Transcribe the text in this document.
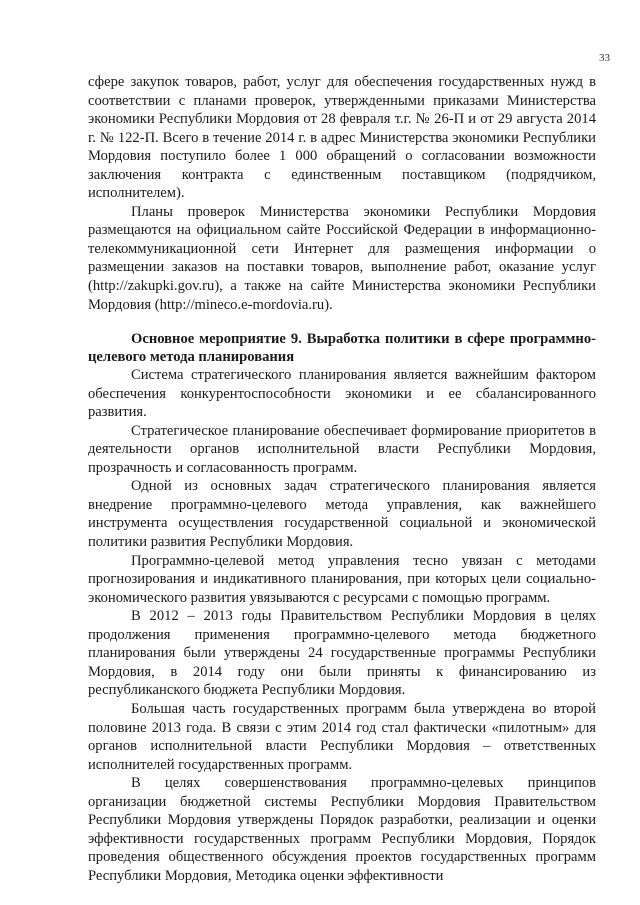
33

сфере закупок товаров, работ, услуг для обеспечения государственных нужд в соответствии с планами проверок, утвержденными приказами Министерства экономики Республики Мордовия от 28 февраля т.г. № 26-П и от 29 августа 2014 г. № 122-П. Всего в течение 2014 г. в адрес Министерства экономики Республики Мордовия поступило более 1 000 обращений о согласовании возможности заключения контракта с единственным поставщиком (подрядчиком, исполнителем).

Планы проверок Министерства экономики Республики Мордовия размещаются на официальном сайте Российской Федерации в информационно-телекоммуникационной сети Интернет для размещения информации о размещении заказов на поставки товаров, выполнение работ, оказание услуг (http://zakupki.gov.ru), а также на сайте Министерства экономики Республики Мордовия (http://mineco.e-mordovia.ru).

Основное мероприятие 9. Выработка политики в сфере программно-целевого метода планирования

Система стратегического планирования является важнейшим фактором обеспечения конкурентоспособности экономики и ее сбалансированного развития.

Стратегическое планирование обеспечивает формирование приоритетов в деятельности органов исполнительной власти Республики Мордовия, прозрачность и согласованность программ.

Одной из основных задач стратегического планирования является внедрение программно-целевого метода управления, как важнейшего инструмента осуществления государственной социальной и экономической политики развития Республики Мордовия.

Программно-целевой метод управления тесно увязан с методами прогнозирования и индикативного планирования, при которых цели социально-экономического развития увязываются с ресурсами с помощью программ.

В 2012 – 2013 годы Правительством Республики Мордовия в целях продолжения применения программно-целевого метода бюджетного планирования были утверждены 24 государственные программы Республики Мордовия, в 2014 году они были приняты к финансированию из республиканского бюджета Республики Мордовия.

Большая часть государственных программ была утверждена во второй половине 2013 года. В связи с этим 2014 год стал фактически «пилотным» для органов исполнительной власти Республики Мордовия – ответственных исполнителей государственных программ.

В целях совершенствования программно-целевых принципов организации бюджетной системы Республики Мордовия Правительством Республики Мордовия утверждены Порядок разработки, реализации и оценки эффективности государственных программ Республики Мордовия, Порядок проведения общественного обсуждения проектов государственных программ Республики Мордовия, Методика оценки эффективности
